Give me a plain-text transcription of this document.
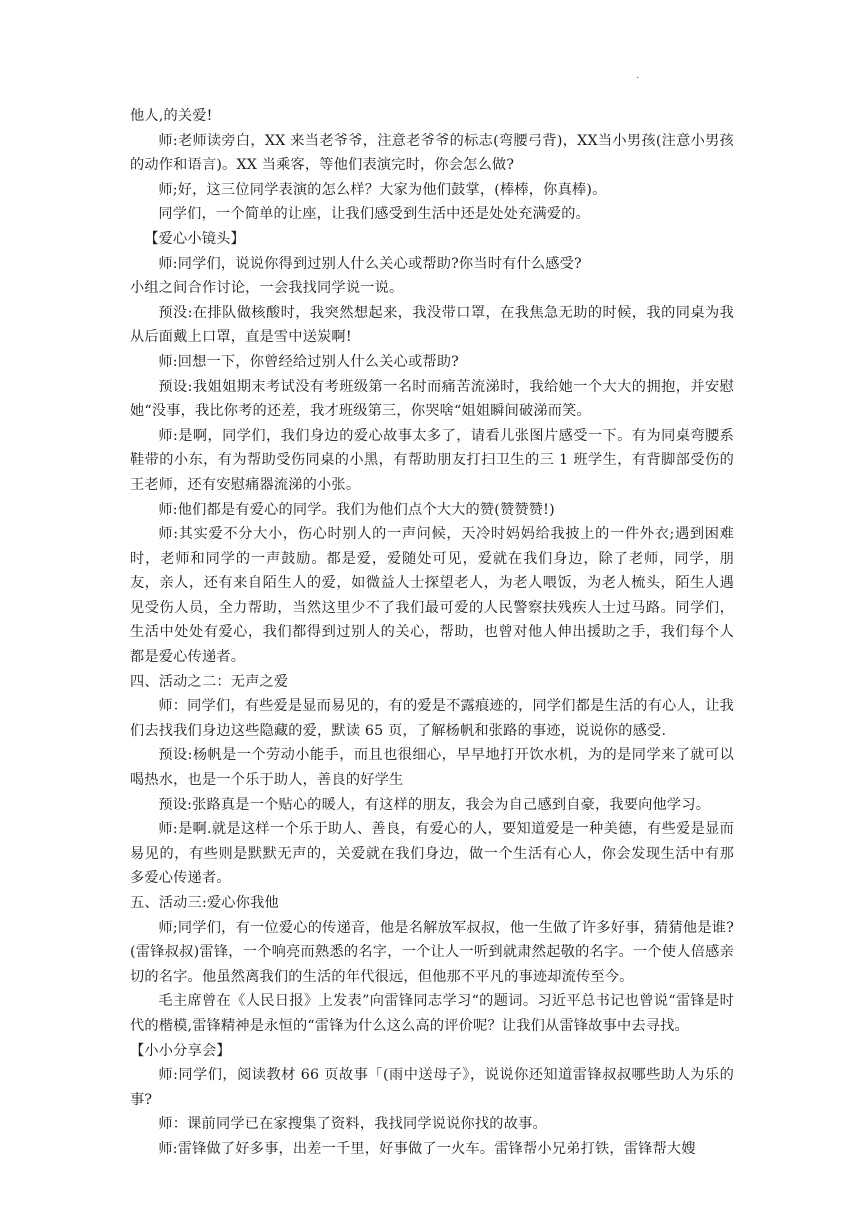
.

他人,的关爱!

师:老师读旁白，XX 来当老爷爷，注意老爷爷的标志(弯腰弓背)，XX当小男孩(注意小男孩的动作和语言)。XX 当乘客，等他们表演完时，你会怎么做?

师;好，这三位同学表演的怎么样？大家为他们鼓掌，(棒棒，你真棒)。

同学们，一个简单的让座，让我们感受到生活中还是处处充满爱的。

【爱心小镜头】

师:同学们，说说你得到过别人什么关心或帮助?你当时有什么感受?

小组之间合作讨论，一会我找同学说一说。

预没:在排队做核酸时，我突然想起来，我没带口罩，在我焦急无助的时候，我的同桌为我从后面戴上口罩，直是雪中送炭啊!

师:回想一下，你曾经给过别人什么关心或帮助?

预设:我姐姐期末考试没有考班级第一名时而痛苦流涕时，我给她一个大大的拥抱，并安慰她“没事，我比你考的还差，我才班级第三，你哭啥“姐姐瞬间破涕而笑。

师:是啊，同学们，我们身边的爱心故事太多了，请看儿张图片感受一下。有为同桌弯腰系鞋带的小东，有为帮助受伤同桌的小黑，有帮助朋友打扫卫生的三 1 班学生，有背脚部受伤的王老师，还有安慰痛器流涕的小张。

师:他们都是有爱心的同学。我们为他们点个大大的赞(赞赞赞!)

师:其实爱不分大小，伤心时别人的一声问候，天冷时妈妈给我披上的一件外衣;遇到困难时，老师和同学的一声鼓励。都是爱，爱随处可见，爱就在我们身边，除了老师，同学，朋友，亲人，还有来自陌生人的爱，如微益人士探望老人，为老人喂饭，为老人梳头，陌生人遇见受伤人员，全力帮助，当然这里少不了我们最可爱的人民警察扶残疾人士过马路。同学们，生活中处处有爱心，我们都得到过别人的关心，帮助，也曾对他人伸出援助之手，我们每个人都是爱心传递者。

四、活动之二：无声之爱

师：同学们，有些爱是显而易见的，有的爱是不露痕迹的，同学们都是生活的有心人，让我们去找我们身边这些隐藏的爱，默读 65 页，了解杨帆和张路的事迹，说说你的感受.

预设:杨帆是一个劳动小能手，而且也很细心，早早地打开饮水机，为的是同学来了就可以喝热水，也是一个乐于助人，善良的好学生

预设:张路真是一个贴心的暖人，有这样的朋友，我会为自己感到自豪，我要向他学习。

师:是啊.就是这样一个乐于助人、善良，有爱心的人，要知道爱是一种美德，有些爱是显而易见的，有些则是默默无声的，关爱就在我们身边，做一个生活有心人，你会发现生活中有那多爱心传递者。

五、活动三:爱心你我他

师;同学们，有一位爱心的传递音，他是名解放军叔叔，他一生做了许多好事，猜猜他是谁?(雷锋叔叔)雷锋，一个响亮而熟悉的名字，一个让人一听到就肃然起敬的名字。一个使人倍感亲切的名字。他虽然离我们的生活的年代很远，但他那不平凡的事迹却流传至今。

毛主席曾在《人民日报》上发表”向雷锋同志学习“的题词。习近平总书记也曾说“雷锋是时代的楷模,雷锋精神是永恒的“雷锋为什么这么高的评价呢？让我们从雷锋故事中去寻找。

【小小分享会】

师:同学们，阅读教材 66 页故事「(雨中送母子》，说说你还知道雷锋叔叔哪些助人为乐的事?

师：课前同学已在家搜集了资料，我找同学说说你找的故事。

师:雷锋做了好多事，出差一千里，好事做了一火车。雷锋帮小兄弟打铁，雷锋帮大嫂
